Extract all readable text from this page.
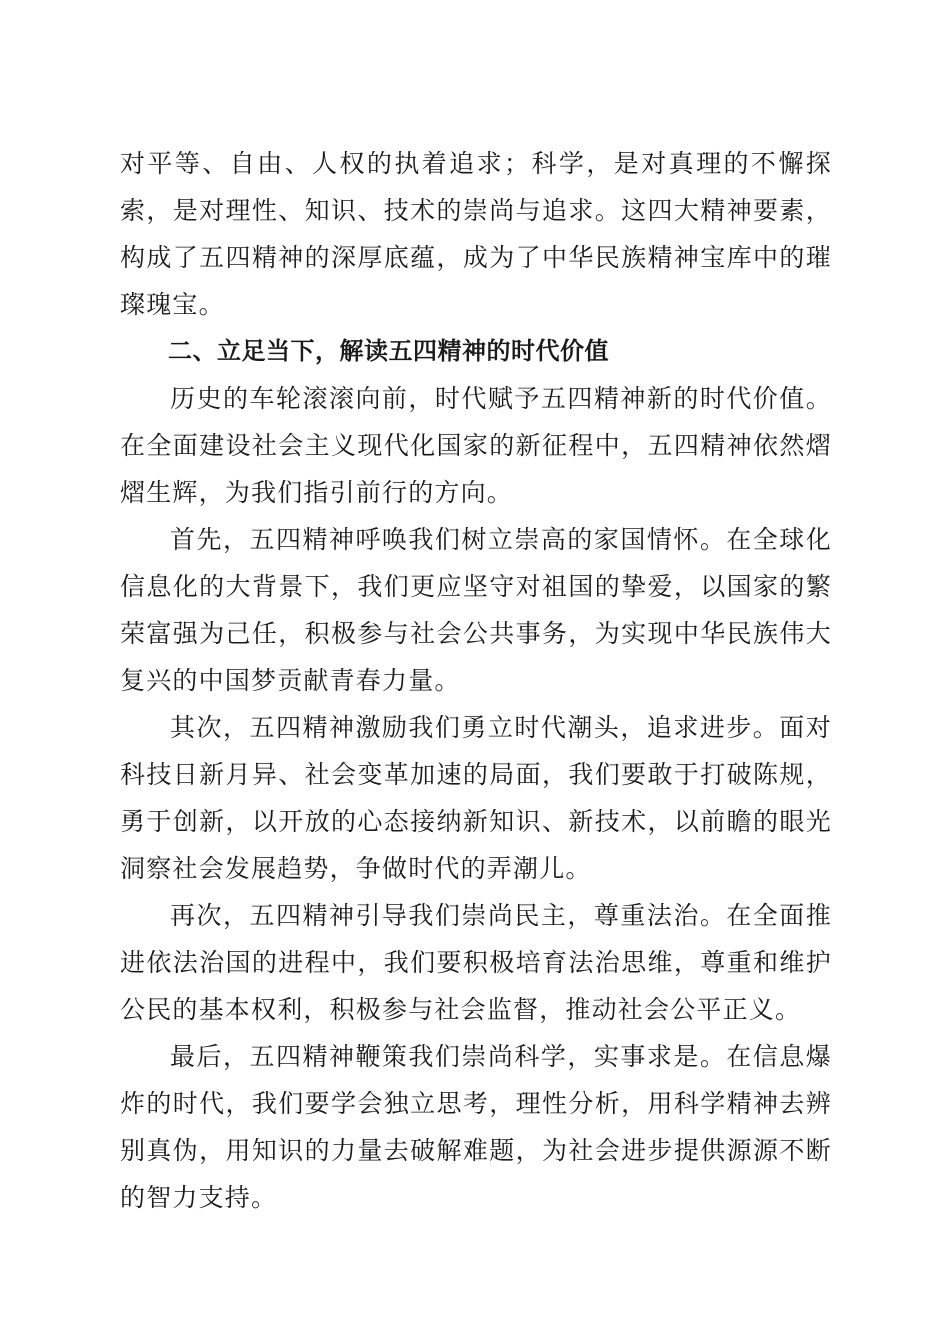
对平等、自由、人权的执着追求；科学，是对真理的不懈探索，是对理性、知识、技术的崇尚与追求。这四大精神要素，构成了五四精神的深厚底蕴，成为了中华民族精神宝库中的璀璨瑰宝。

二、立足当下，解读五四精神的时代价值

历史的车轮滚滚向前，时代赋予五四精神新的时代价值。在全面建设社会主义现代化国家的新征程中，五四精神依然熠熠生辉，为我们指引前行的方向。

首先，五四精神呼唤我们树立崇高的家国情怀。在全球化信息化的大背景下，我们更应坚守对祖国的挚爱，以国家的繁荣富强为己任，积极参与社会公共事务，为实现中华民族伟大复兴的中国梦贡献青春力量。

其次，五四精神激励我们勇立时代潮头，追求进步。面对科技日新月异、社会变革加速的局面，我们要敢于打破陈规，勇于创新，以开放的心态接纳新知识、新技术，以前瞻的眼光洞察社会发展趋势，争做时代的弄潮儿。

再次，五四精神引导我们崇尚民主，尊重法治。在全面推进依法治国的进程中，我们要积极培育法治思维，尊重和维护公民的基本权利，积极参与社会监督，推动社会公平正义。

最后，五四精神鞭策我们崇尚科学，实事求是。在信息爆炸的时代，我们要学会独立思考，理性分析，用科学精神去辨别真伪，用知识的力量去破解难题，为社会进步提供源源不断的智力支持。
